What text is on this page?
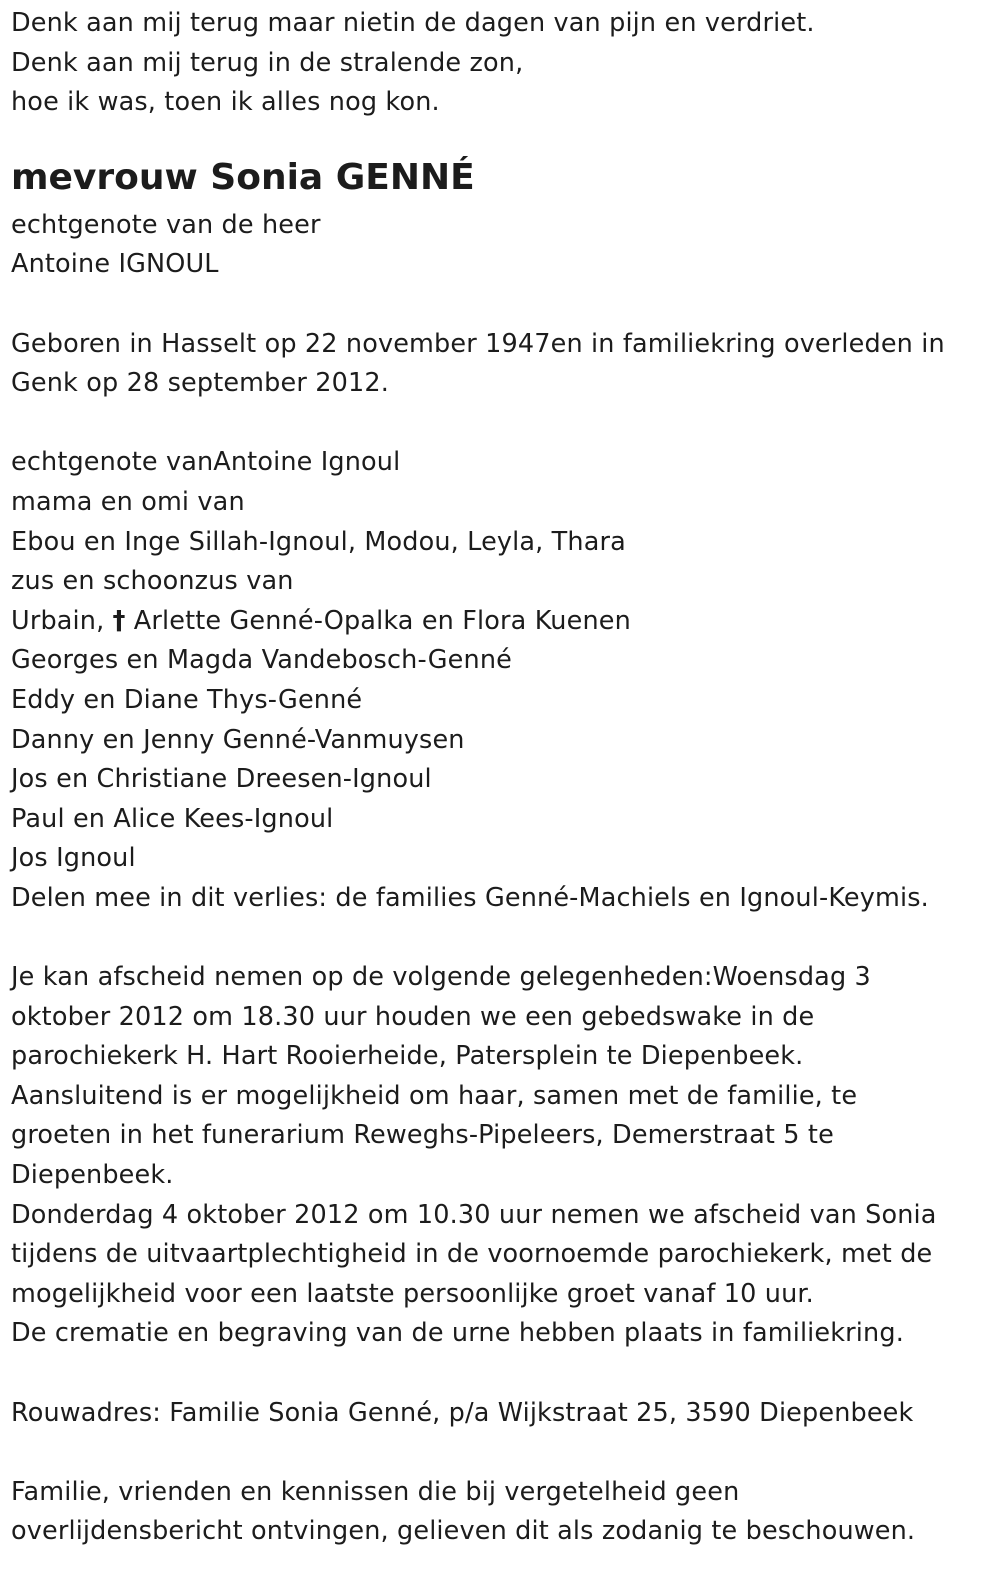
Denk aan mij terug maar nietin de dagen van pijn en verdriet.
Denk aan mij terug in de stralende zon,
hoe ik was, toen ik alles nog kon.
mevrouw Sonia GENNÉ
echtgenote van de heer
Antoine IGNOUL
Geboren in Hasselt op 22 november 1947en in familiekring overleden in
Genk op 28 september 2012.
echtgenote vanAntoine Ignoul
mama en omi van
Ebou en Inge Sillah-Ignoul, Modou, Leyla, Thara
zus en schoonzus van
Urbain, † Arlette Genné-Opalka en Flora Kuenen
Georges en Magda Vandebosch-Genné
Eddy en Diane Thys-Genné
Danny en Jenny Genné-Vanmuysen
Jos en Christiane Dreesen-Ignoul
Paul en Alice Kees-Ignoul
Jos Ignoul
Delen mee in dit verlies: de families Genné-Machiels en Ignoul-Keymis.
Je kan afscheid nemen op de volgende gelegenheden:Woensdag 3
oktober 2012 om 18.30 uur houden we een gebedswake in de
parochiekerk H. Hart Rooierheide, Patersplein te Diepenbeek.
Aansluitend is er mogelijkheid om haar, samen met de familie, te
groeten in het funerarium Reweghs-Pipeleers, Demerstraat 5 te
Diepenbeek.
Donderdag 4 oktober 2012 om 10.30 uur nemen we afscheid van Sonia
tijdens de uitvaartplechtigheid in de voornoemde parochiekerk, met de
mogelijkheid voor een laatste persoonlijke groet vanaf 10 uur.
De crematie en begraving van de urne hebben plaats in familiekring.
Rouwadres: Familie Sonia Genné, p/a Wijkstraat 25, 3590 Diepenbeek
Familie, vrienden en kennissen die bij vergetelheid geen
overlijdensbericht ontvingen, gelieven dit als zodanig te beschouwen.
